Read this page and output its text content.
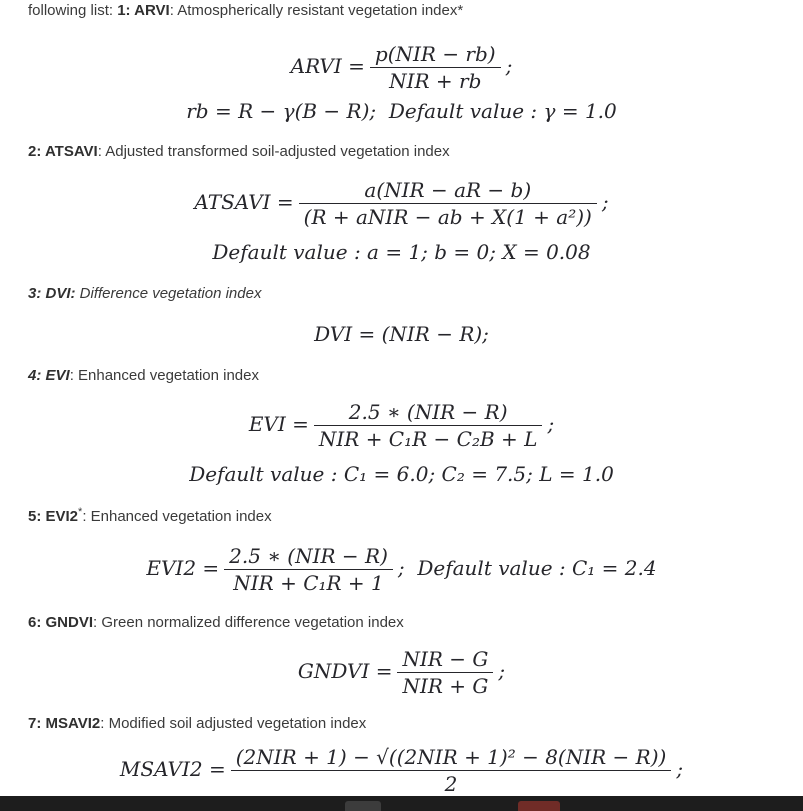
following list: 1: ARVI: Atmospherically resistant vegetation index*

ARVI = $\frac{\text{p(NIR − rb)}}{\text{NIR + rb}}$ ;
rb = R − γ(B − R);  Default value : γ = 1.0

2: ATSAVI: Adjusted transformed soil-adjusted vegetation index

ATSAVI = $\frac{\text{a(NIR − aR − b)}}{\text{(R + aNIR − ab + X(1 + a²))}}$ ;
Default value : a = 1; b = 0; X = 0.08

3: DVI: Difference vegetation index

DVI = (NIR − R);

4: EVI: Enhanced vegetation index

EVI = $\frac{\text{2.5 ∗ (NIR − R)}}{\text{NIR + C₁R − C₂B + L}}$ ;
Default value : C₁ = 6.0; C₂ = 7.5; L = 1.0

5: EVI2*: Enhanced vegetation index

$EVI2 = \frac{\text{2.5 ∗ (NIR − R)}}{\text{NIR + C₁R + 1}}$ ;  Default value : C₁ = 2.4

6: GNDVI: Green normalized difference vegetation index

GNDVI = $\frac{\text{NIR − G}}{\text{NIR + G}}$ ;

7: MSAVI2: Modified soil adjusted vegetation index

MSAVI2 = $\frac{\text{(2NIR + 1) − √((2NIR + 1)² − 8(NIR − R))}}{2}$ ;
